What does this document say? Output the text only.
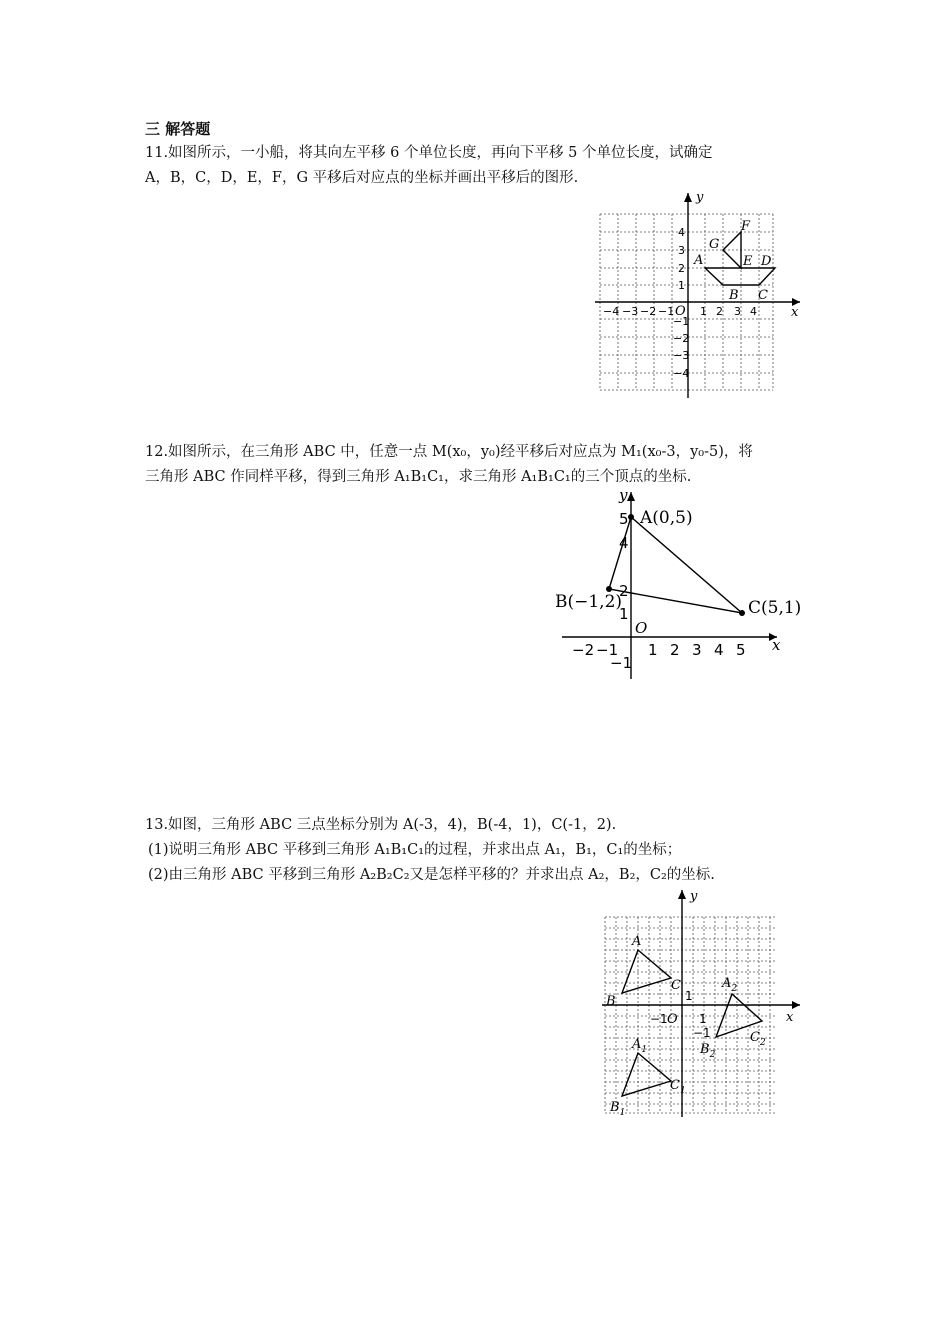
三 解答题
11.如图所示，一小船，将其向左平移 6 个单位长度，再向下平移 5 个单位长度，试确定
A，B，C，D，E，F，G 平移后对应点的坐标并画出平移后的图形.
y
x
O
F
G
A	E D
B C
−4 −3 −2 −1 1 2 3 4
4
3
2
1
−1
−2
−3
−4
12.如图所示，在三角形 ABC 中，任意一点 M(x₀，y₀)经平移后对应点为 M₁(x₀-3，y₀-5)，将
三角形 ABC 作同样平移，得到三角形 A₁B₁C₁，求三角形 A₁B₁C₁的三个顶点的坐标.
y
x
O
A(0,5)
B(−1,2)	C(5,1)
−2 −1 1 2 3 4 5
5
4
2
1
−1
13.如图，三角形 ABC 三点坐标分别为 A(-3，4)，B(-4，1)，C(-1，2).
(1)说明三角形 ABC 平移到三角形 A₁B₁C₁的过程，并求出点 A₁，B₁，C₁的坐标；
(2)由三角形 ABC 平移到三角形 A₂B₂C₂又是怎样平移的？并求出点 A₂，B₂，C₂的坐标.
y
x
O
1
−1	1
−1
A
B
C
$A_1$
$B_1$
$C_1$
$A_2$
$B_2$
$C_2$
